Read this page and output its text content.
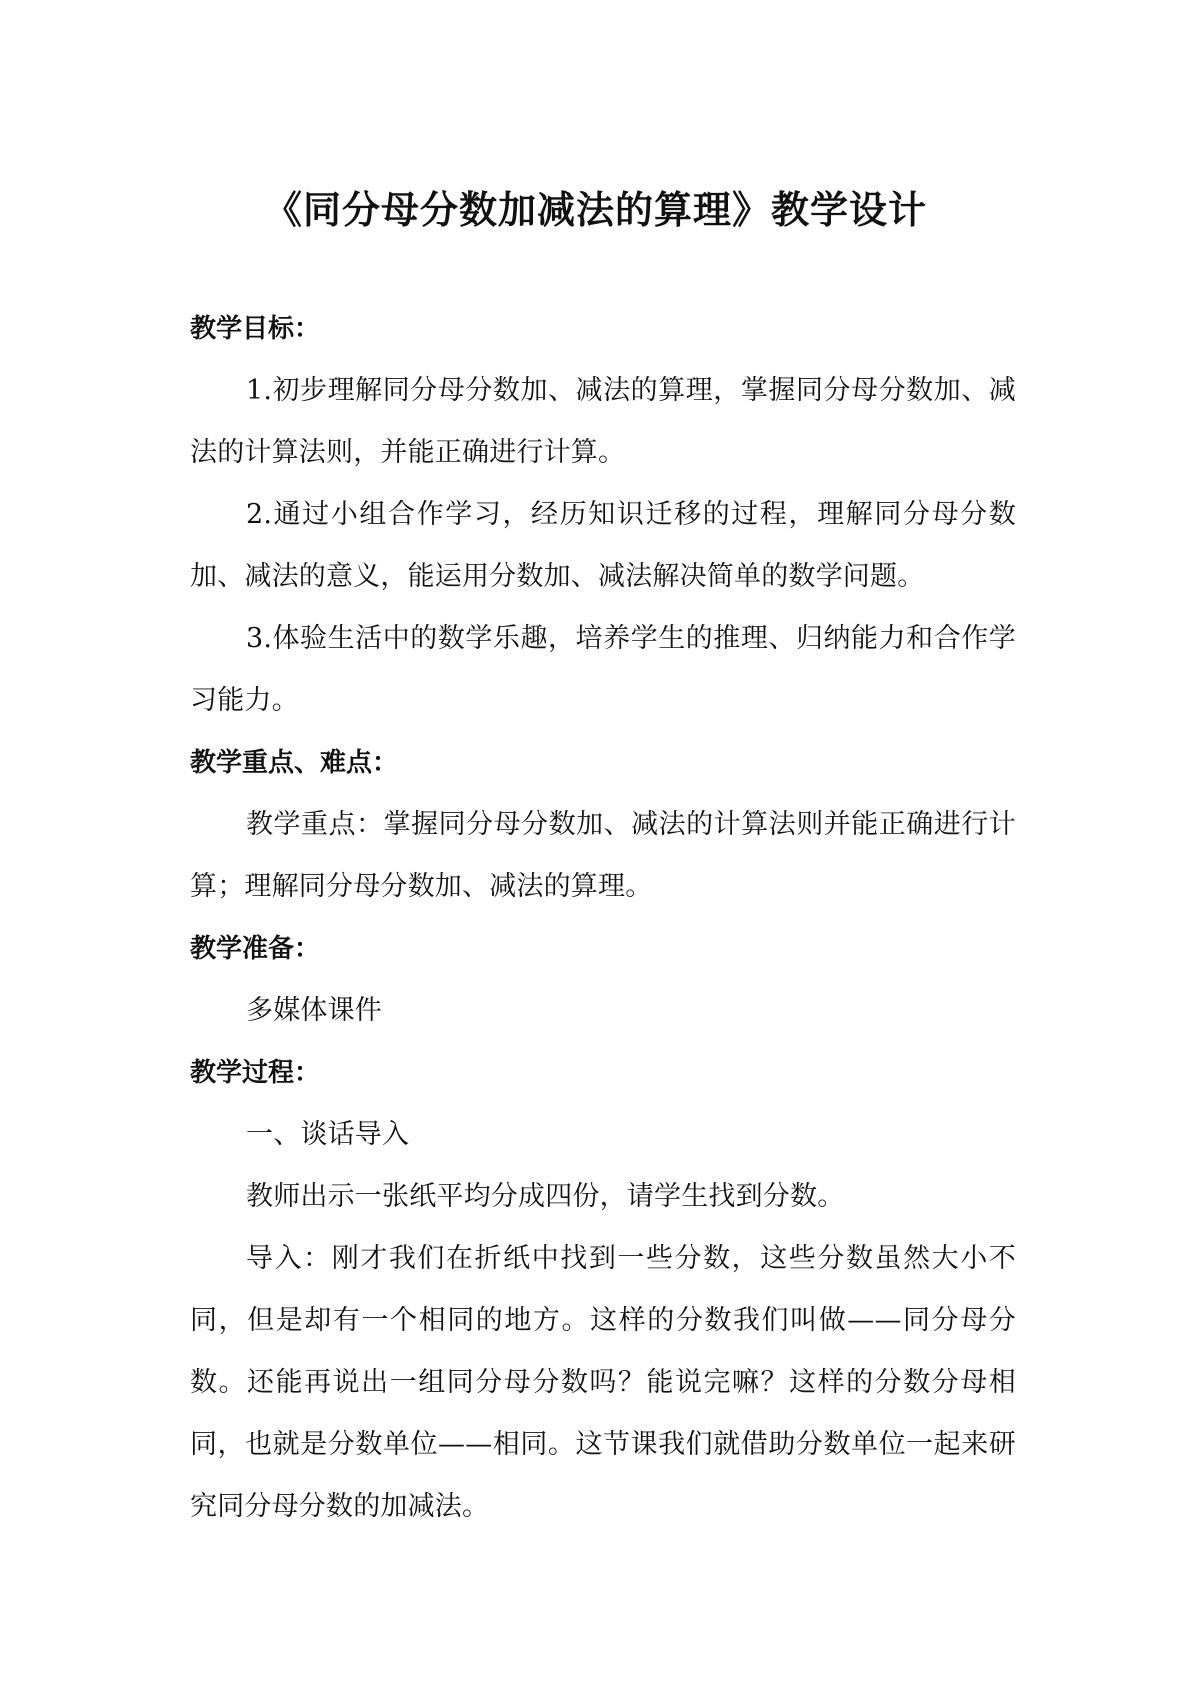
《同分母分数加减法的算理》教学设计

教学目标：

1.初步理解同分母分数加、减法的算理，掌握同分母分数加、减法的计算法则，并能正确进行计算。

2.通过小组合作学习，经历知识迁移的过程，理解同分母分数加、减法的意义，能运用分数加、减法解决简单的数学问题。

3.体验生活中的数学乐趣，培养学生的推理、归纳能力和合作学习能力。

教学重点、难点：

教学重点：掌握同分母分数加、减法的计算法则并能正确进行计算；理解同分母分数加、减法的算理。

教学准备：

多媒体课件

教学过程：

一、谈话导入

教师出示一张纸平均分成四份，请学生找到分数。

导入：刚才我们在折纸中找到一些分数，这些分数虽然大小不同，但是却有一个相同的地方。这样的分数我们叫做——同分母分数。还能再说出一组同分母分数吗？能说完嘛？这样的分数分母相同，也就是分数单位——相同。这节课我们就借助分数单位一起来研究同分母分数的加减法。
